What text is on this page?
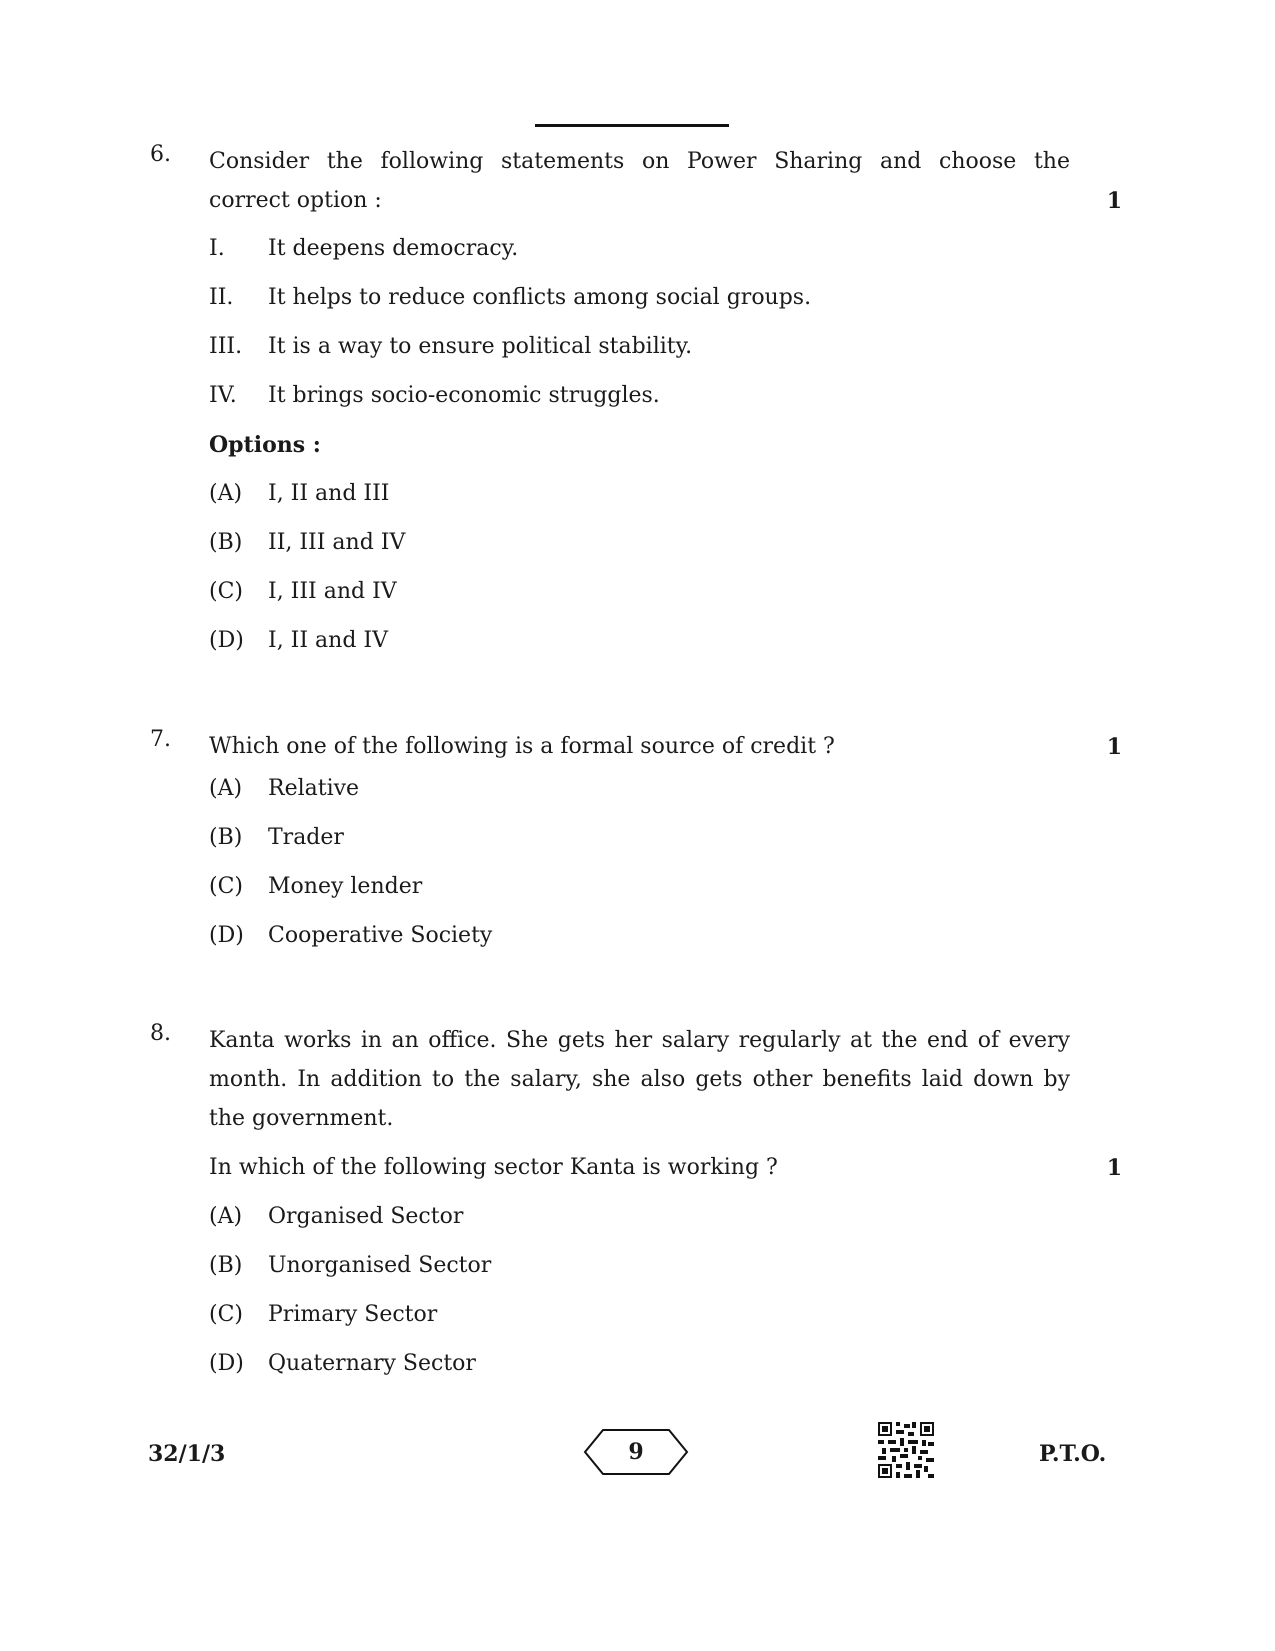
6. Consider the following statements on Power Sharing and choose the
correct option :	1
I.	It deepens democracy.
II.	It helps to reduce conflicts among social groups.
III.	It is a way to ensure political stability.
IV.	It brings socio-economic struggles.
Options :
(A)	I, II and III
(B)	II, III and IV
(C)	I, III and IV
(D)	I, II and IV
7. Which one of the following is a formal source of credit ?	1
(A)	Relative
(B)	Trader
(C)	Money lender
(D)	Cooperative Society
8. Kanta works in an office. She gets her salary regularly at the end of every
month. In addition to the salary, she also gets other benefits laid down by
the government.
In which of the following sector Kanta is working ?	1
(A)	Organised Sector
(B)	Unorganised Sector
(C)	Primary Sector
(D)	Quaternary Sector
32/1/3	9	P.T.O.
